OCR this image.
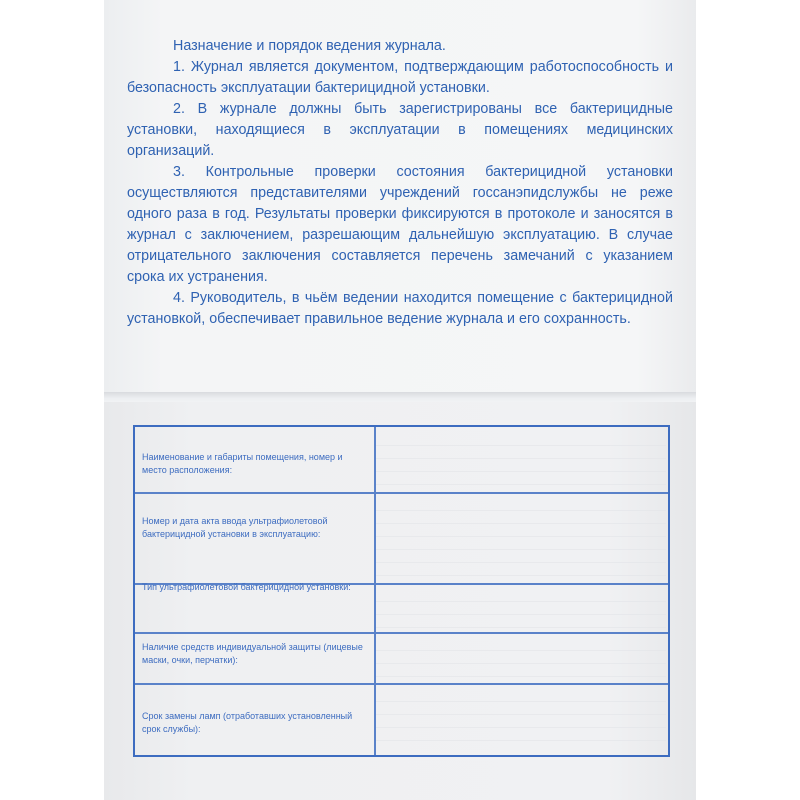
Назначение и порядок ведения журнала.

1. Журнал является документом, подтверждающим работоспособность и безопасность эксплуатации бактерицидной установки.

2. В журнале должны быть зарегистрированы все бактерицидные установки, находящиеся в эксплуатации в помещениях медицинских организаций.

3. Контрольные проверки состояния бактерицидной установки осуществляются представителями учреждений госсанэпидслужбы не реже одного раза в год. Результаты проверки фиксируются в протоколе и заносятся в журнал с заключением, разрешающим дальнейшую эксплуатацию. В случае отрицательного заключения составляется перечень замечаний с указанием срока их устранения.

4. Руководитель, в чьём ведении находится помещение с бактерицидной установкой, обеспечивает правильное ведение журнала и его сохранность.

Наименование и габариты помещения, номер и место расположения:
Номер и дата акта ввода ультрафиолетовой бактерицидной установки в эксплуатацию:
Тип ультрафиолетовой бактерицидной установки:
Наличие средств индивидуальной защиты (лицевые маски, очки, перчатки):
Срок замены ламп (отработавших установленный срок службы):
